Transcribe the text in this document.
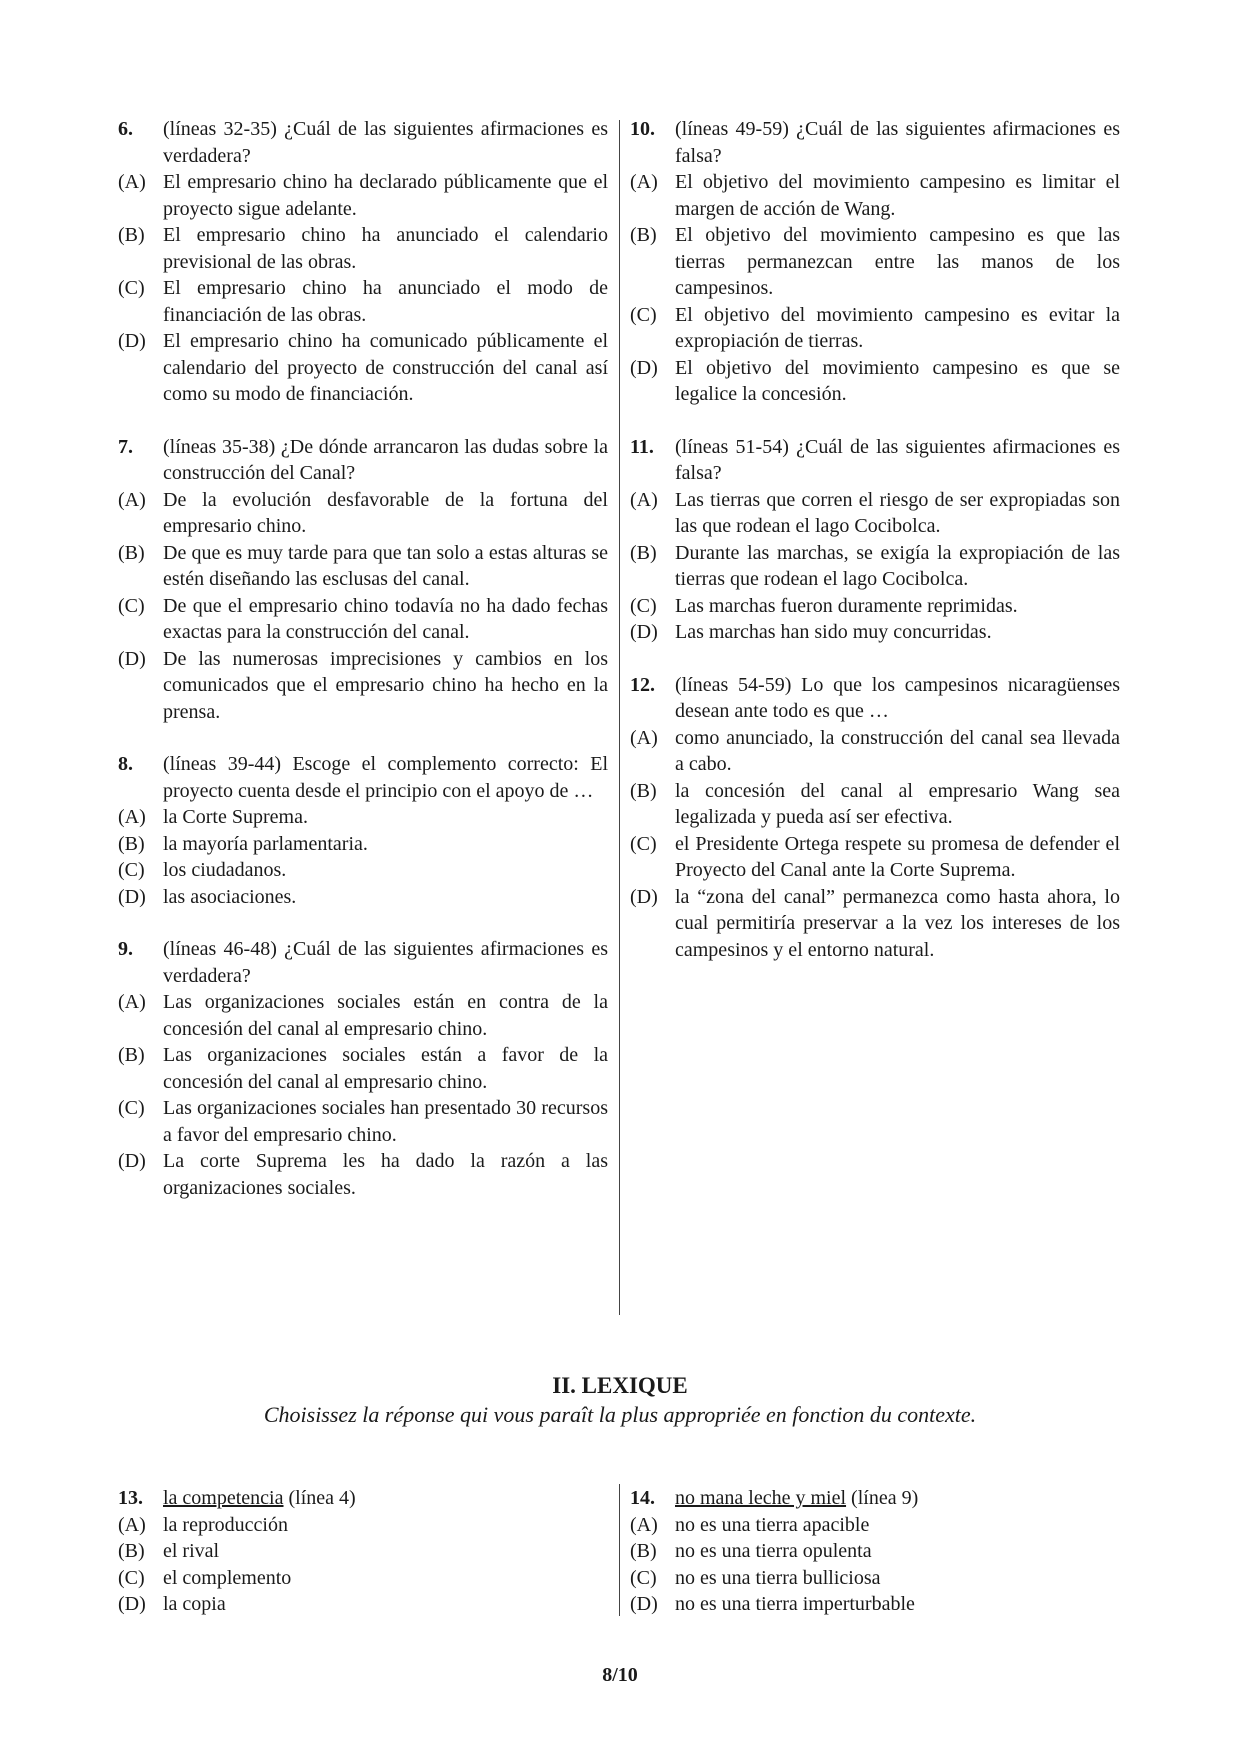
6.	(líneas 32-35) ¿Cuál de las siguientes afirmaciones es verdadera?
(A) El empresario chino ha declarado públicamente que el proyecto sigue adelante.
(B) El empresario chino ha anunciado el calendario previsional de las obras.
(C) El empresario chino ha anunciado el modo de financiación de las obras.
(D) El empresario chino ha comunicado públicamente el calendario del proyecto de construcción del canal así como su modo de financiación.
7.	(líneas 35-38) ¿De dónde arrancaron las dudas sobre la construcción del Canal?
(A) De la evolución desfavorable de la fortuna del empresario chino.
(B) De que es muy tarde para que tan solo a estas alturas se estén diseñando las esclusas del canal.
(C) De que el empresario chino todavía no ha dado fechas exactas para la construcción del canal.
(D) De las numerosas imprecisiones y cambios en los comunicados que el empresario chino ha hecho en la prensa.
8.	(líneas 39-44) Escoge el complemento correcto: El proyecto cuenta desde el principio con el apoyo de …
(A) la Corte Suprema.
(B) la mayoría parlamentaria.
(C) los ciudadanos.
(D) las asociaciones.
9.	(líneas 46-48) ¿Cuál de las siguientes afirmaciones es verdadera?
(A) Las organizaciones sociales están en contra de la concesión del canal al empresario chino.
(B) Las organizaciones sociales están a favor de la concesión del canal al empresario chino.
(C) Las organizaciones sociales han presentado 30 recursos a favor del empresario chino.
(D) La corte Suprema les ha dado la razón a las organizaciones sociales.
10.	(líneas 49-59) ¿Cuál de las siguientes afirmaciones es falsa?
(A) El objetivo del movimiento campesino es limitar el margen de acción de Wang.
(B) El objetivo del movimiento campesino es que las tierras permanezcan entre las manos de los campesinos.
(C) El objetivo del movimiento campesino es evitar la expropiación de tierras.
(D) El objetivo del movimiento campesino es que se legalice la concesión.
11.	(líneas 51-54) ¿Cuál de las siguientes afirmaciones es falsa?
(A) Las tierras que corren el riesgo de ser expropiadas son las que rodean el lago Cocibolca.
(B) Durante las marchas, se exigía la expropiación de las tierras que rodean el lago Cocibolca.
(C) Las marchas fueron duramente reprimidas.
(D) Las marchas han sido muy concurridas.
12.	(líneas 54-59) Lo que los campesinos nicaragüenses desean ante todo es que …
(A) como anunciado, la construcción del canal sea llevada a cabo.
(B) la concesión del canal al empresario Wang sea legalizada y pueda así ser efectiva.
(C) el Presidente Ortega respete su promesa de defender el Proyecto del Canal ante la Corte Suprema.
(D) la “zona del canal” permanezca como hasta ahora, lo cual permitiría preservar a la vez los intereses de los campesinos y el entorno natural.
II. LEXIQUE
Choisissez la réponse qui vous paraît la plus appropriée en fonction du contexte.
13.	la competencia (línea 4)
(A) la reproducción
(B) el rival
(C) el complemento
(D) la copia
14.	no mana leche y miel (línea 9)
(A) no es una tierra apacible
(B) no es una tierra opulenta
(C) no es una tierra bulliciosa
(D) no es una tierra imperturbable
8/10
